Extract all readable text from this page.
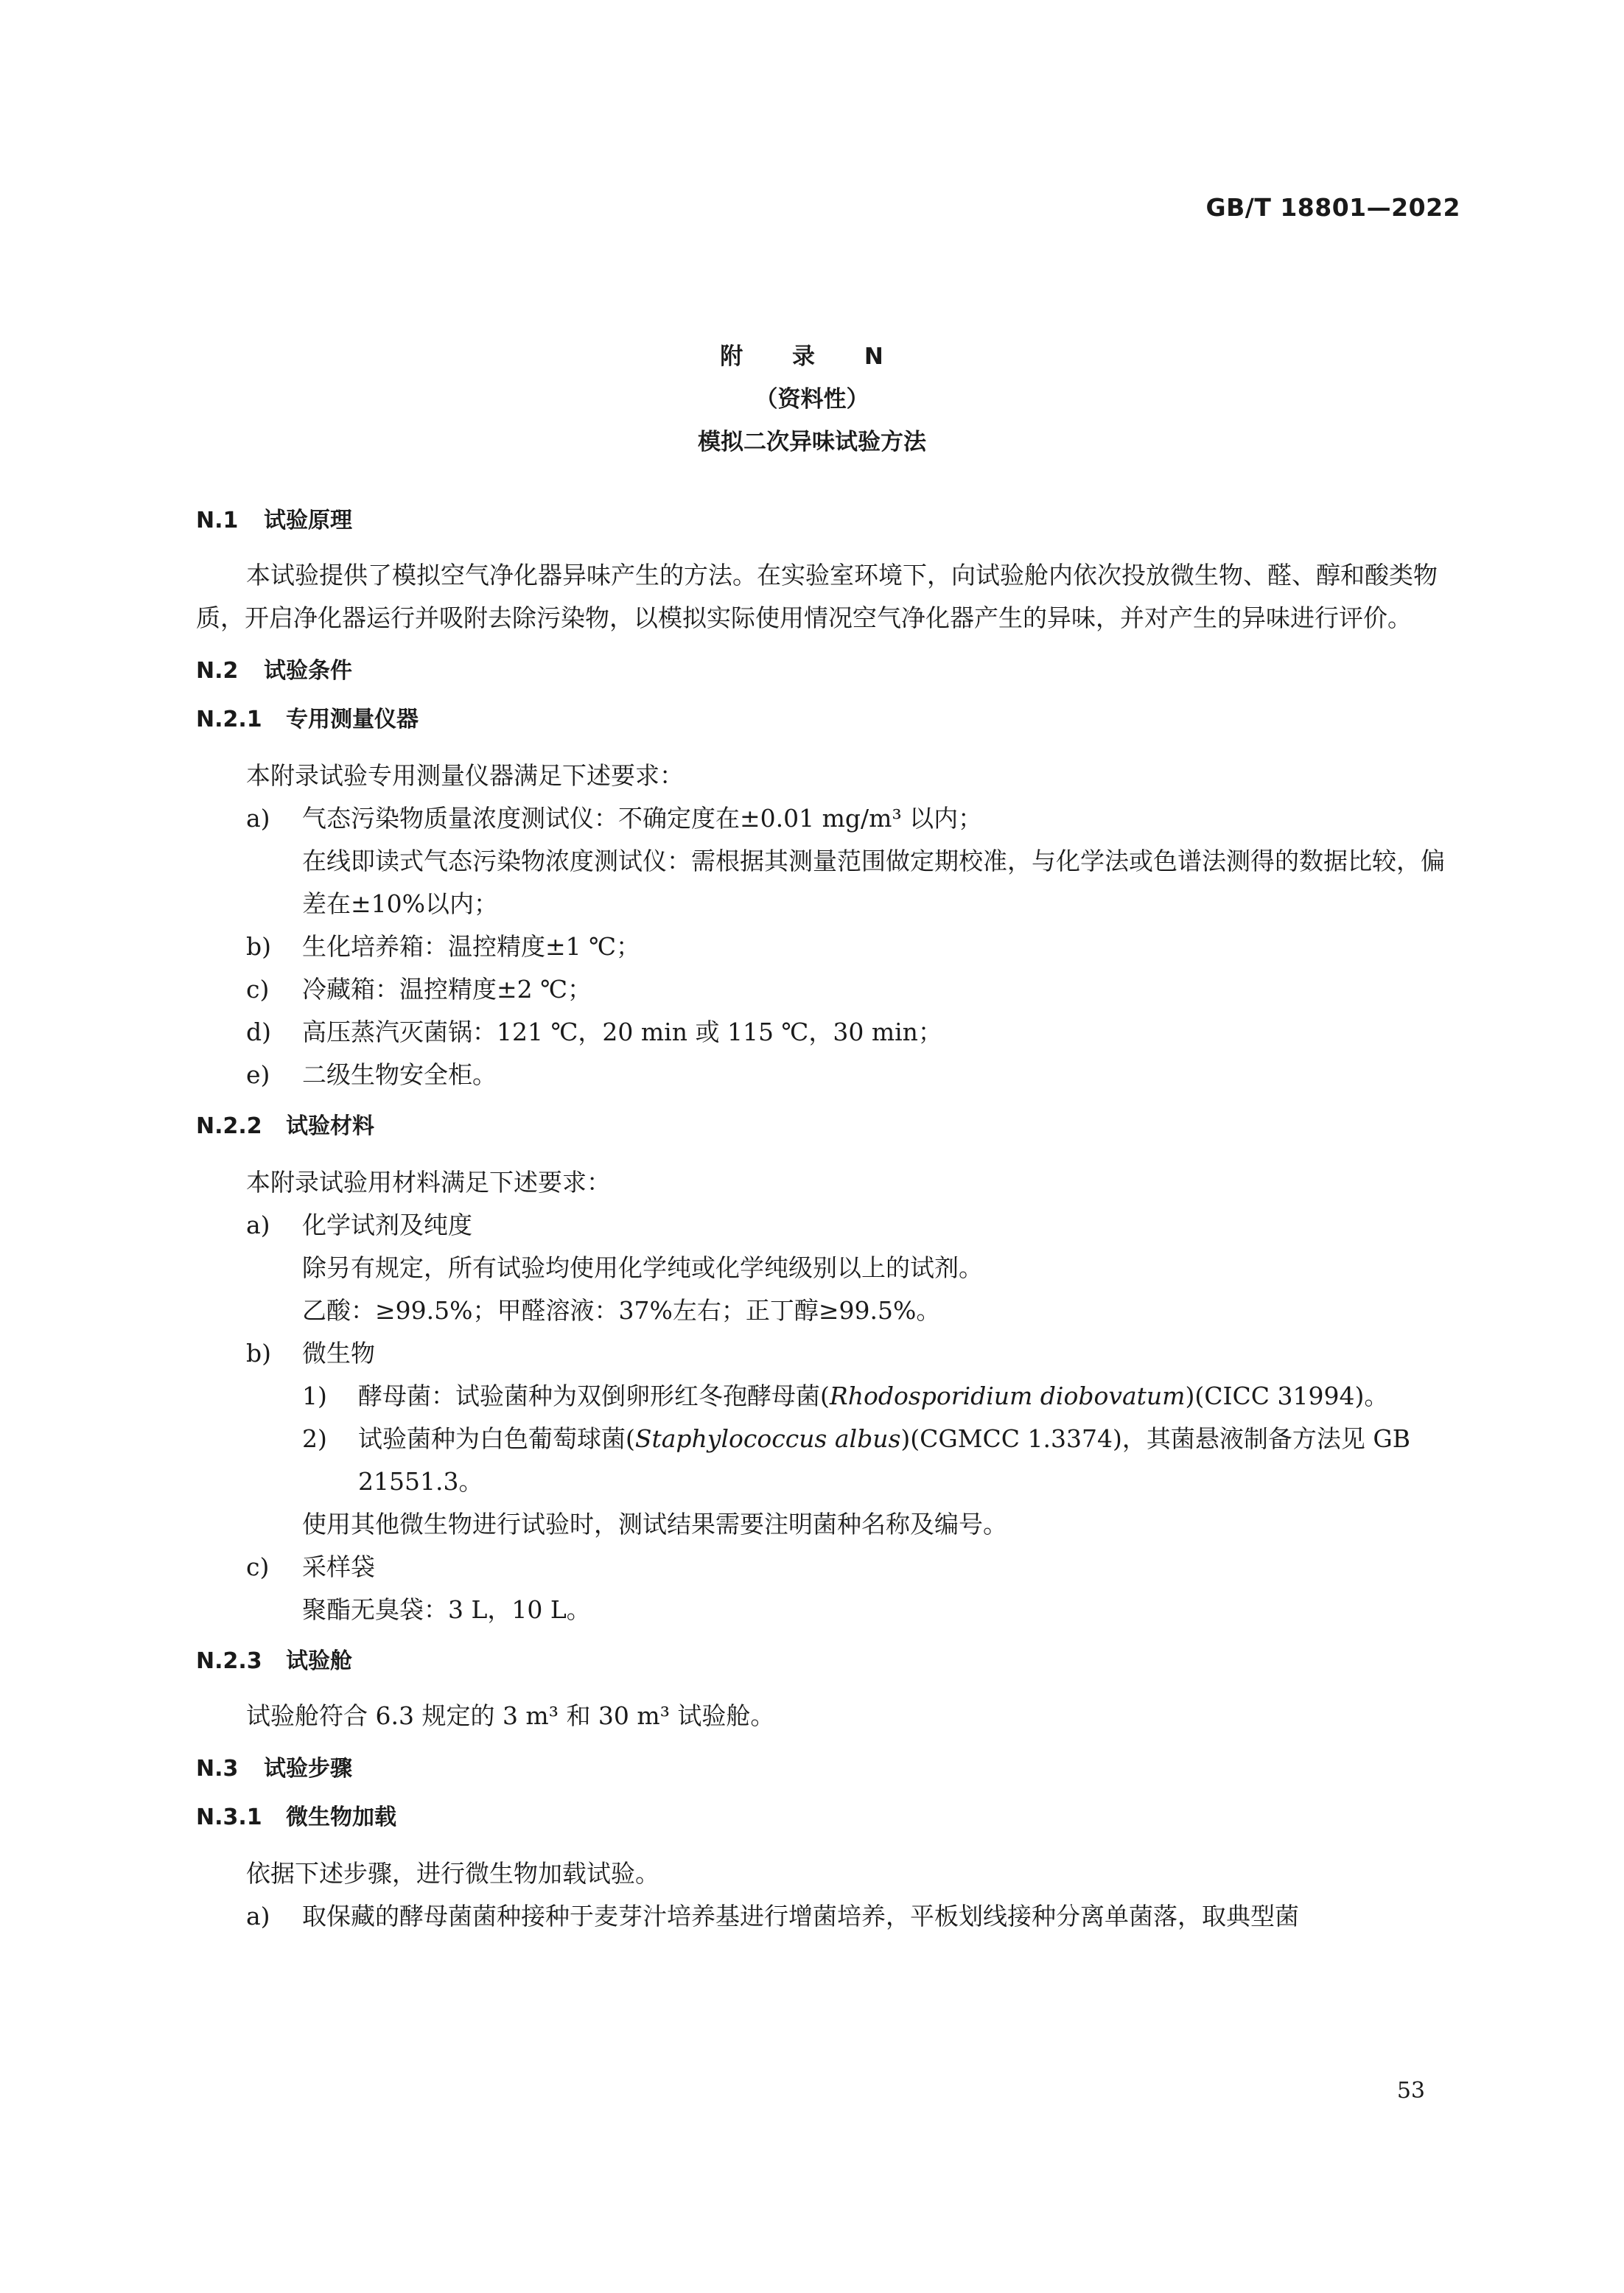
GB/T 18801—2022
附 录 N
（资料性）
模拟二次异味试验方法
N.1 试验原理
本试验提供了模拟空气净化器异味产生的方法。在实验室环境下，向试验舱内依次投放微生物、醛、醇和酸类物质，开启净化器运行并吸附去除污染物，以模拟实际使用情况空气净化器产生的异味，并对产生的异味进行评价。
N.2 试验条件
N.2.1 专用测量仪器
本附录试验专用测量仪器满足下述要求：
a)	气态污染物质量浓度测试仪：不确定度在±0.01 mg/m³ 以内；
在线即读式气态污染物浓度测试仪：需根据其测量范围做定期校准，与化学法或色谱法测得的数据比较，偏差在±10%以内；
b)	生化培养箱：温控精度±1 ℃；
c)	冷藏箱：温控精度±2 ℃；
d)	高压蒸汽灭菌锅：121 ℃，20 min 或 115 ℃，30 min；
e)	二级生物安全柜。
N.2.2 试验材料
本附录试验用材料满足下述要求：
a)	化学试剂及纯度
除另有规定，所有试验均使用化学纯或化学纯级别以上的试剂。
乙酸：≥99.5%；甲醛溶液：37%左右；正丁醇≥99.5%。
b)	微生物
1)	酵母菌：试验菌种为双倒卵形红冬孢酵母菌(Rhodosporidium diobovatum)(CICC 31994)。
2)	试验菌种为白色葡萄球菌(Staphylococcus albus)(CGMCC 1.3374)，其菌悬液制备方法见 GB 21551.3。
使用其他微生物进行试验时，测试结果需要注明菌种名称及编号。
c)	采样袋
聚酯无臭袋：3 L，10 L。
N.2.3 试验舱
试验舱符合 6.3 规定的 3 m³ 和 30 m³ 试验舱。
N.3 试验步骤
N.3.1 微生物加载
依据下述步骤，进行微生物加载试验。
a)	取保藏的酵母菌菌种接种于麦芽汁培养基进行增菌培养，平板划线接种分离单菌落，取典型菌
53
